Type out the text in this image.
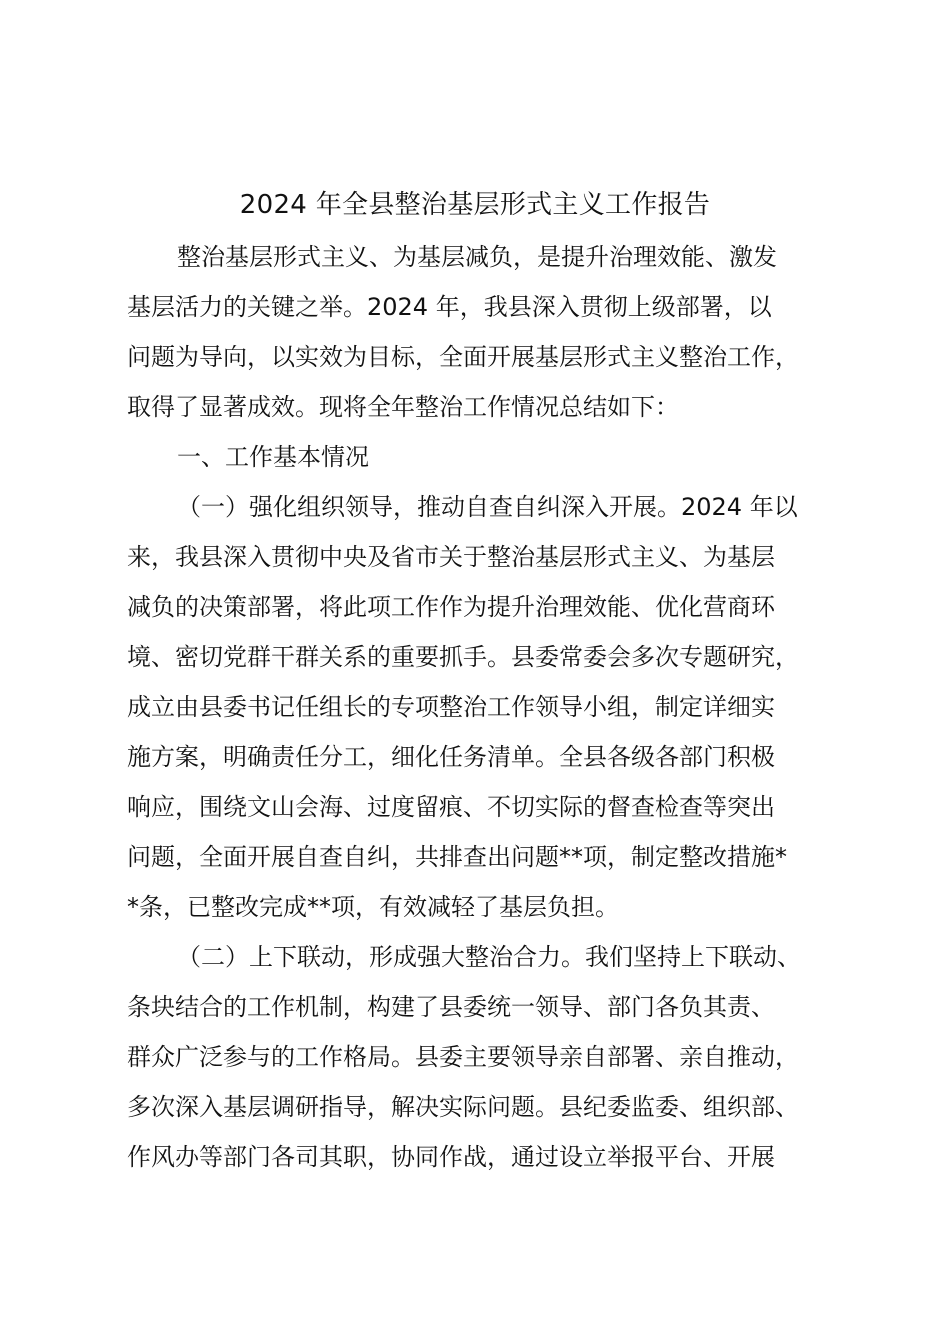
2024 年全县整治基层形式主义工作报告
整治基层形式主义、为基层减负，是提升治理效能、激发
基层活力的关键之举。2024 年，我县深入贯彻上级部署，以
问题为导向，以实效为目标，全面开展基层形式主义整治工作，
取得了显著成效。现将全年整治工作情况总结如下：
一、工作基本情况
（一）强化组织领导，推动自查自纠深入开展。2024 年以
来，我县深入贯彻中央及省市关于整治基层形式主义、为基层
减负的决策部署，将此项工作作为提升治理效能、优化营商环
境、密切党群干群关系的重要抓手。县委常委会多次专题研究，
成立由县委书记任组长的专项整治工作领导小组，制定详细实
施方案，明确责任分工，细化任务清单。全县各级各部门积极
响应，围绕文山会海、过度留痕、不切实际的督查检查等突出
问题，全面开展自查自纠，共排查出问题**项，制定整改措施*
*条，已整改完成**项，有效减轻了基层负担。
（二）上下联动，形成强大整治合力。我们坚持上下联动、
条块结合的工作机制，构建了县委统一领导、部门各负其责、
群众广泛参与的工作格局。县委主要领导亲自部署、亲自推动，
多次深入基层调研指导，解决实际问题。县纪委监委、组织部、
作风办等部门各司其职，协同作战，通过设立举报平台、开展
